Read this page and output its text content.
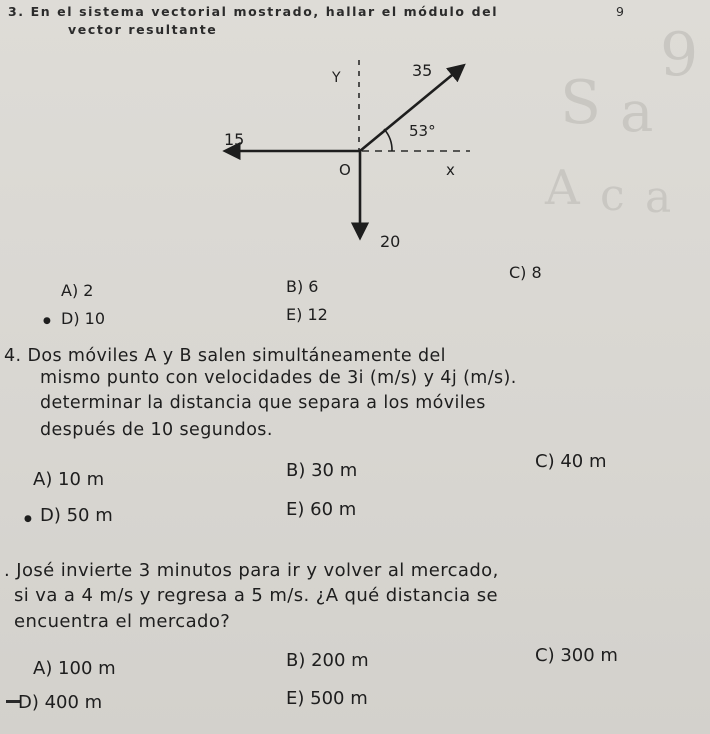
S a
A c a
9
3. En el sistema vectorial mostrado, hallar el módulo del	9
vector resultante
Y	35
15	53°
O	x
20
A) 2	B) 6
C) 8
● D) 10	E) 12
4. Dos móviles A y B salen simultáneamente del
mismo punto con velocidades de 3i (m/s) y 4j (m/s).
determinar la distancia que separa a los móviles
después de 10 segundos.
A) 10 m	B) 30 m	C) 40 m
● D) 50 m	E) 60 m
. José invierte 3 minutos para ir y volver al mercado,
si va a 4 m/s y regresa a 5 m/s. ¿A qué distancia se
encuentra el mercado?
A) 100 m	B) 200 m	C) 300 m
D) 400 m	E) 500 m
